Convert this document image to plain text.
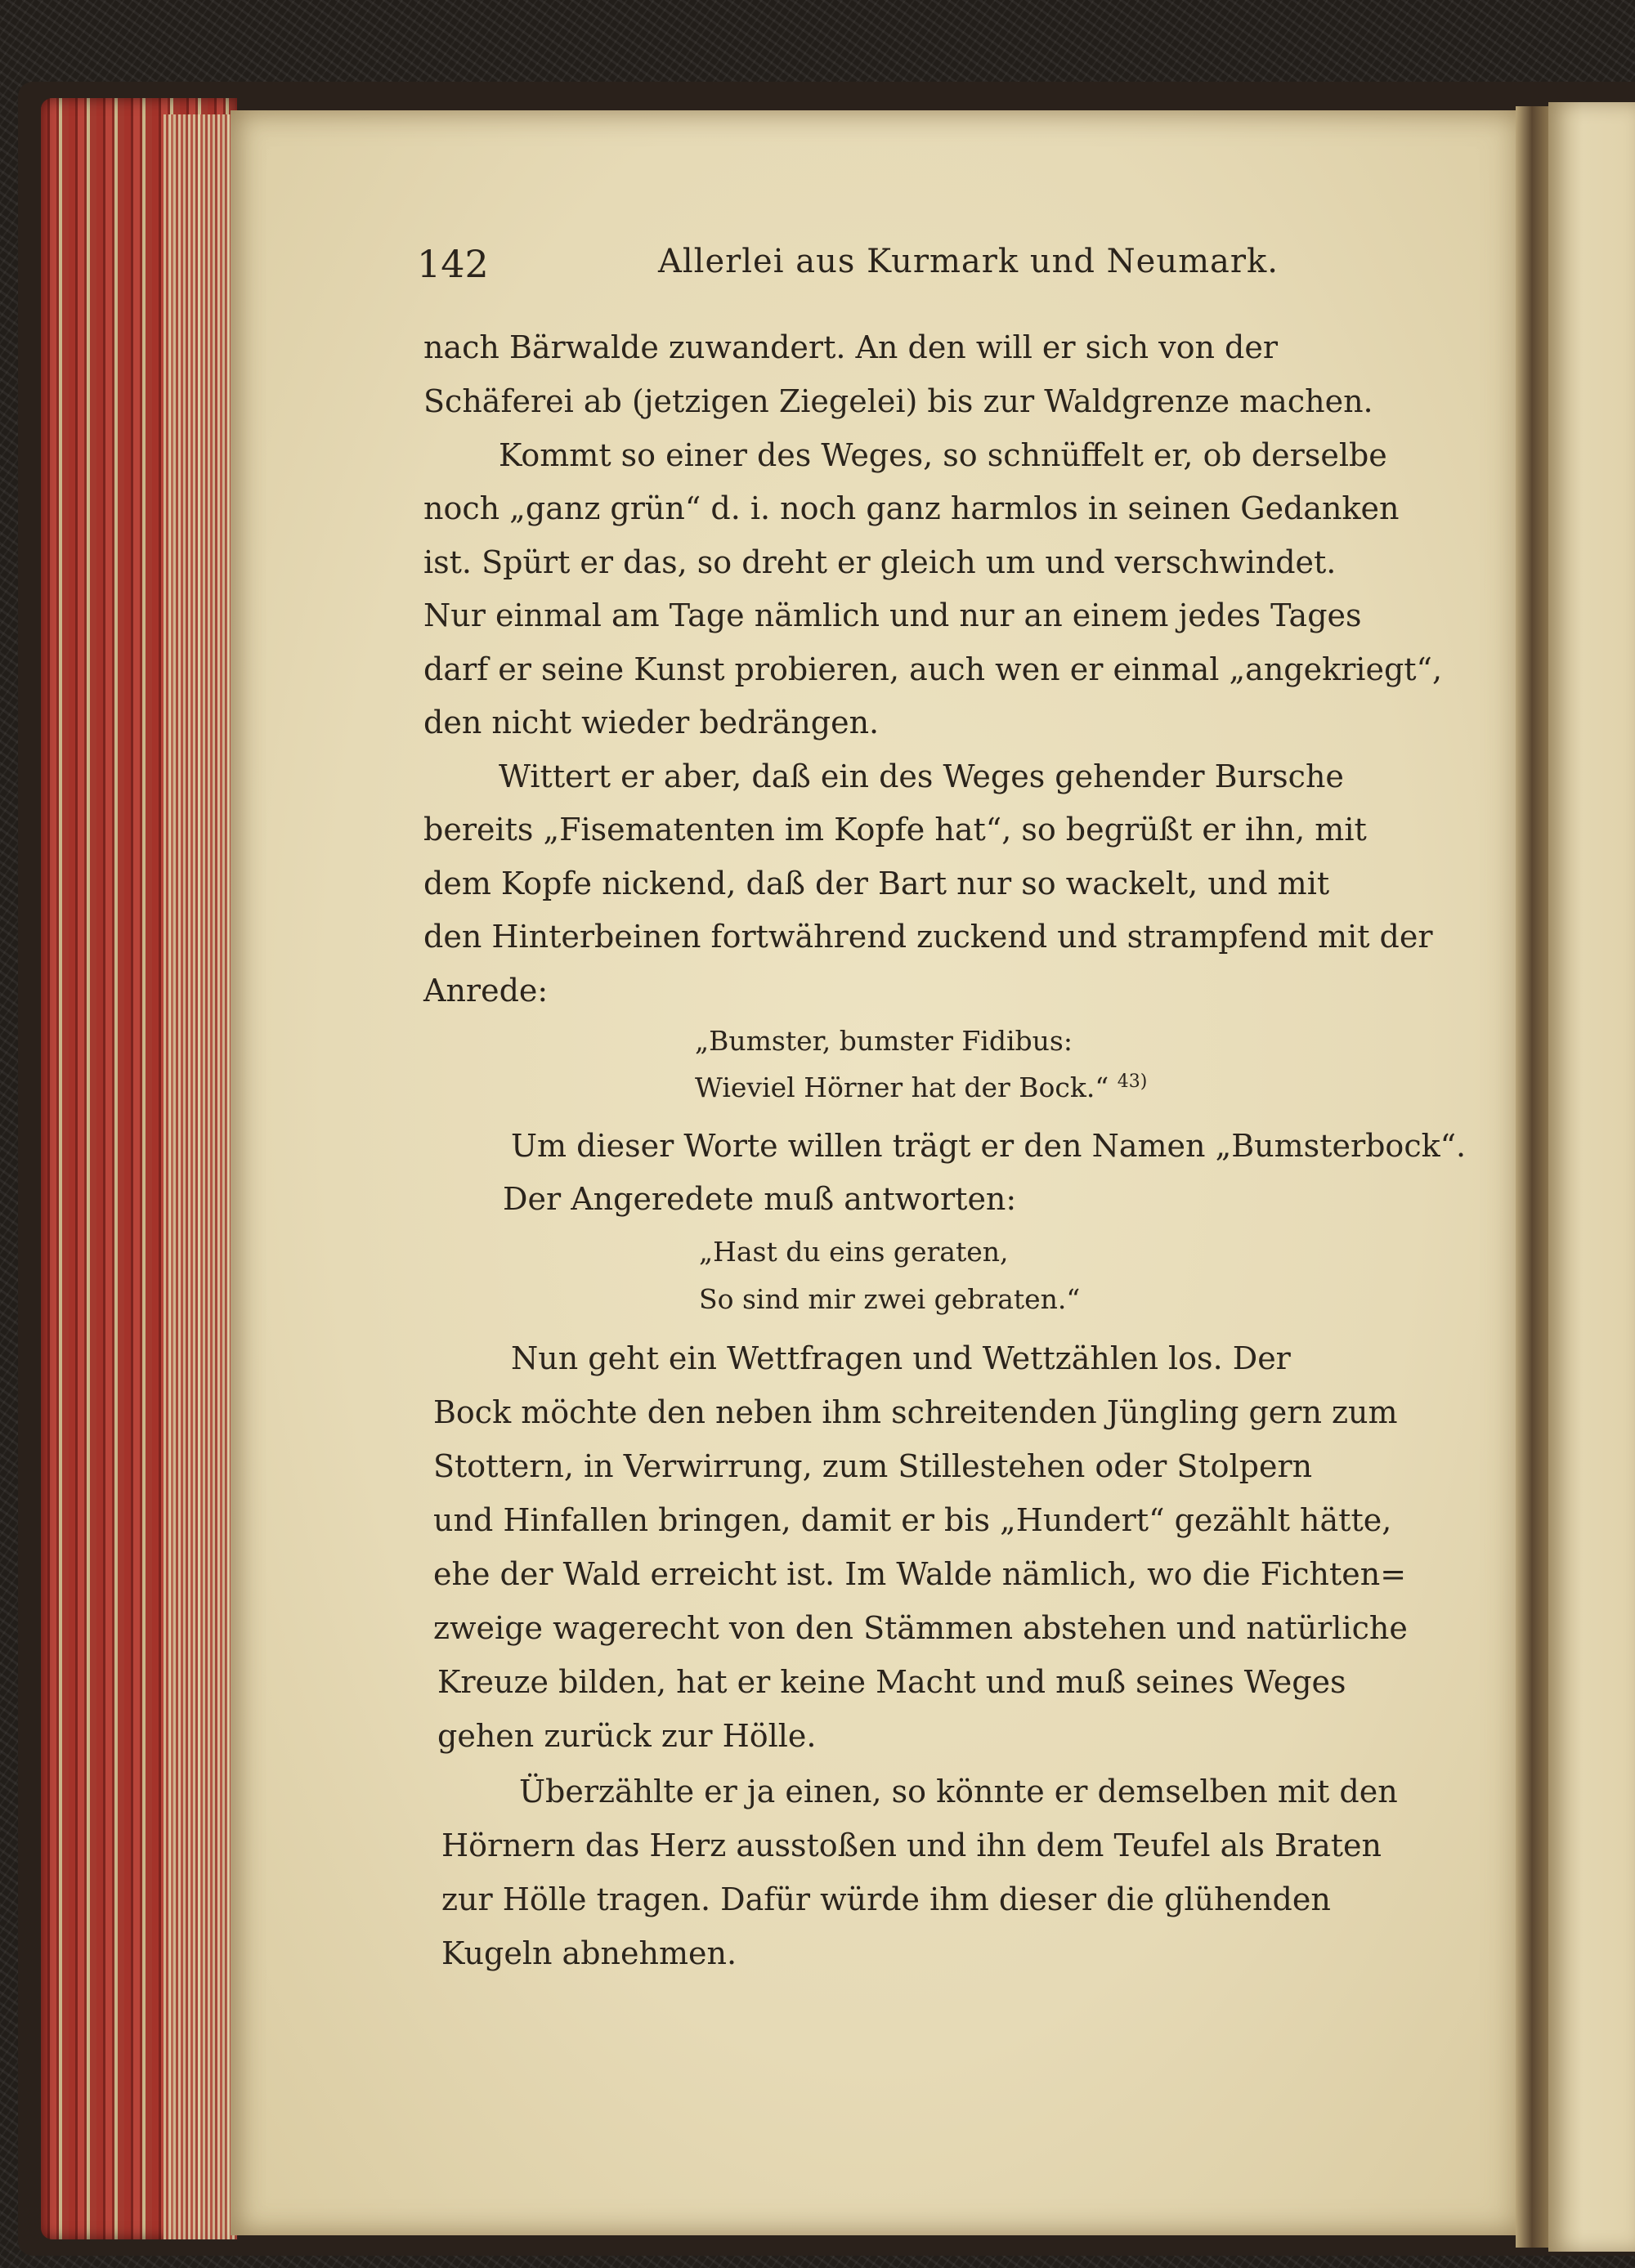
142	Allerlei aus Kurmark und Neumark.
nach Bärwalde zuwandert. An den will er sich von der
Schäferei ab (jetzigen Ziegelei) bis zur Waldgrenze machen.
Kommt so einer des Weges, so schnüffelt er, ob derselbe
noch „ganz grün“ d. i. noch ganz harmlos in seinen Gedanken
ist. Spürt er das, so dreht er gleich um und verschwindet.
Nur einmal am Tage nämlich und nur an einem jedes Tages
darf er seine Kunst probieren, auch wen er einmal „angekriegt“,
den nicht wieder bedrängen.
Wittert er aber, daß ein des Weges gehender Bursche
bereits „Fisematenten im Kopfe hat“, so begrüßt er ihn, mit
dem Kopfe nickend, daß der Bart nur so wackelt, und mit
den Hinterbeinen fortwährend zuckend und strampfend mit der
Anrede:
„Bumster, bumster Fidibus:
Wieviel Hörner hat der Bock.“ $^{43)}$
Um dieser Worte willen trägt er den Namen „Bumsterbock“.
Der Angeredete muß antworten:
„Hast du eins geraten,
So sind mir zwei gebraten.“
Nun geht ein Wettfragen und Wettzählen los. Der
Bock möchte den neben ihm schreitenden Jüngling gern zum
Stottern, in Verwirrung, zum Stillestehen oder Stolpern
und Hinfallen bringen, damit er bis „Hundert“ gezählt hätte,
ehe der Wald erreicht ist. Im Walde nämlich, wo die Fichten=
zweige wagerecht von den Stämmen abstehen und natürliche
Kreuze bilden, hat er keine Macht und muß seines Weges
gehen zurück zur Hölle.
Überzählte er ja einen, so könnte er demselben mit den
Hörnern das Herz ausstoßen und ihn dem Teufel als Braten
zur Hölle tragen. Dafür würde ihm dieser die glühenden
Kugeln abnehmen.
